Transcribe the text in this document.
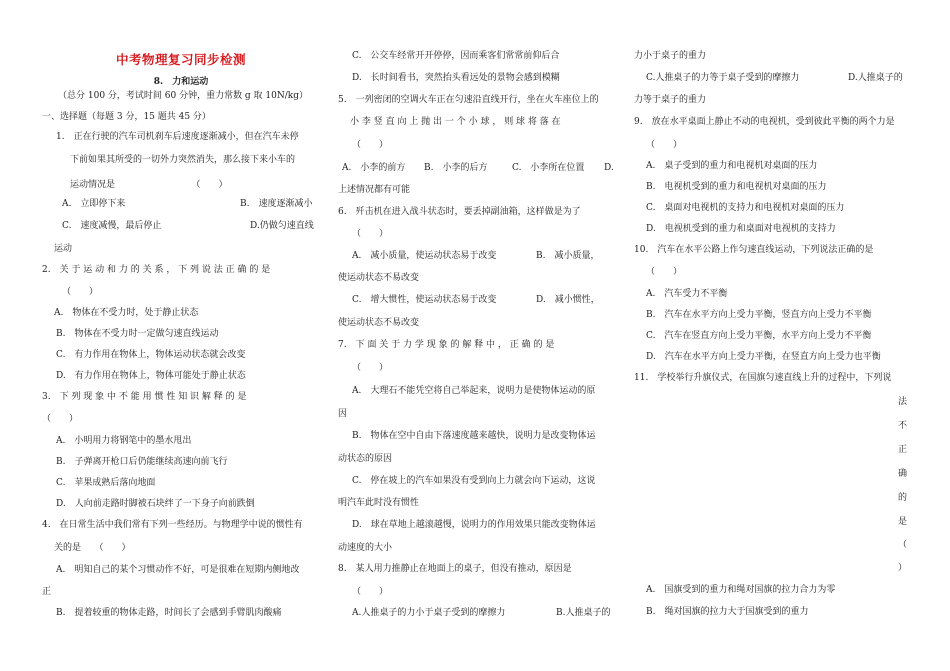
中考物理复习同步检测
8.　力和运动
（总分 100 分，考试时间 60 分钟，重力常数 g 取 10N/kg）
一、选择题（每题 3 分，15 题共 45 分）
1.　正在行驶的汽车司机刹车后速度逐渐减小，但在汽车未停
下前如果其所受的一切外力突然消失，那么接下来小车的
运动情况是　　　　　　　　　（　　）
A.　立即停下来	B.　速度逐渐减小
C.　速度减慢，最后停止	D.仍做匀速直线
运动
2.　关 于 运 动 和 力 的 关 系 ， 下 列 说 法 正 确 的 是
（　　）
A.　物体在不受力时，处于静止状态
B.　物体在不受力时一定做匀速直线运动
C.　有力作用在物体上，物体运动状态就会改变
D.　有力作用在物体上，物体可能处于静止状态
3.　下 列 现 象 中 不 能 用 惯 性 知 识 解 释 的 是
（　　）
A.　小明用力将钢笔中的墨水甩出
B.　子弹离开枪口后仍能继续高速向前飞行
C.　苹果成熟后落向地面
D.　人向前走路时脚被石块绊了一下身子向前跌倒
4.　在日常生活中我们常有下列一些经历。与物理学中说的惯性有
关的是　　（　　）
A.　明知自己的某个习惯动作不好，可是很难在短期内侧地改
正
B.　提着较重的物体走路，时间长了会感到手臂肌肉酸痛
C.　公交车经常开开停停，因而乘客们常常前仰后合
D.　长时间看书，突然抬头看远处的景物会感到模糊
5.　一列密闭的空调火车正在匀速沿直线开行，坐在火车座位上的
小 李 竖 直 向 上 抛 出 一 个 小 球 ， 则 球 将 落 在
（　　）
A.　小李的前方 B.　小李的后方	C.　小李所在位置 D.
上述情况都有可能
6.　歼击机在进入战斗状态时，要丢掉副油箱，这样做是为了
（　　）
A.　减小质量，使运动状态易于改变	B.　减小质量，
使运动状态不易改变
C.　增大惯性，使运动状态易于改变	D.　减小惯性，
使运动状态不易改变
7.　下 面 关 于 力 学 现 象 的 解 释 中 ， 正 确 的 是
（　　）
A.　大理石不能凭空将自己举起来，说明力是使物体运动的原
因
B.　物体在空中自由下落速度越来越快，说明力是改变物体运
动状态的原因
C.　停在坡上的汽车如果没有受到向上力就会向下运动，这说
明汽车此时没有惯性
D.　球在草地上越滚越慢，说明力的作用效果只能改变物体运
动速度的大小
8.　某人用力推静止在地面上的桌子，但没有推动，原因是
（　　）
A.人推桌子的力小于桌子受到的摩擦力	B.人推桌子的
力小于桌子的重力
C.人推桌子的力等于桌子受到的摩擦力	D.人推桌子的
力等于桌子的重力
9.　放在水平桌面上静止不动的电视机，受到彼此平衡的两个力是
（　　）
A.　桌子受到的重力和电视机对桌面的压力
B.　电视机受到的重力和电视机对桌面的压力
C.　桌面对电视机的支持力和电视机对桌面的压力
D.　电视机受到的重力和桌面对电视机的支持力
10.　汽车在水平公路上作匀速直线运动，下列说法正确的是
（　　）
A.　汽车受力不平衡
B.　汽车在水平方向上受力平衡，竖直方向上受力不平衡
C.　汽车在竖直方向上受力平衡，水平方向上受力不平衡
D.　汽车在水平方向上受力平衡，在竖直方向上受力也平衡
11.　学校举行升旗仪式，在国旗匀速直线上升的过程中，下列说
法
不
正
确
的
是
（
）
A.　国旗受到的重力和绳对国旗的拉力合力为零
B.　绳对国旗的拉力大于国旗受到的重力
